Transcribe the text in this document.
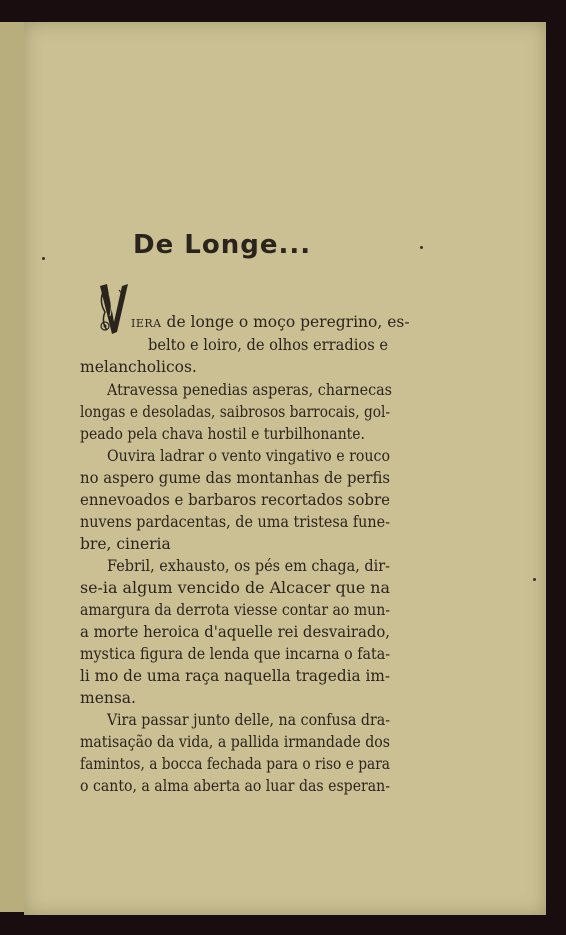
De Longe...
IERA de longe o moço peregrino, es-
belto e loiro, de olhos erradios e
melancholicos.
Atravessa penedias asperas, charnecas
longas e desoladas, saibrosos barrocais, gol-
peado pela chava hostil e turbilhonante.
Ouvira ladrar o vento vingativo e rouco
no aspero gume das montanhas de perfis
ennevoados e barbaros recortados sobre
nuvens pardacentas, de uma tristesa fune-
bre, cineria
Febril, exhausto, os pés em chaga, dir-
se-ia algum vencido de Alcacer que na
amargura da derrota viesse contar ao mun-
a morte heroica d'aquelle rei desvairado,
mystica figura de lenda que incarna o fata-
li mo de uma raça naquella tragedia im-
mensa.
Vira passar junto delle, na confusa dra-
matisação da vida, a pallida irmandade dos
famintos, a bocca fechada para o riso e para
o canto, a alma aberta ao luar das esperan-
